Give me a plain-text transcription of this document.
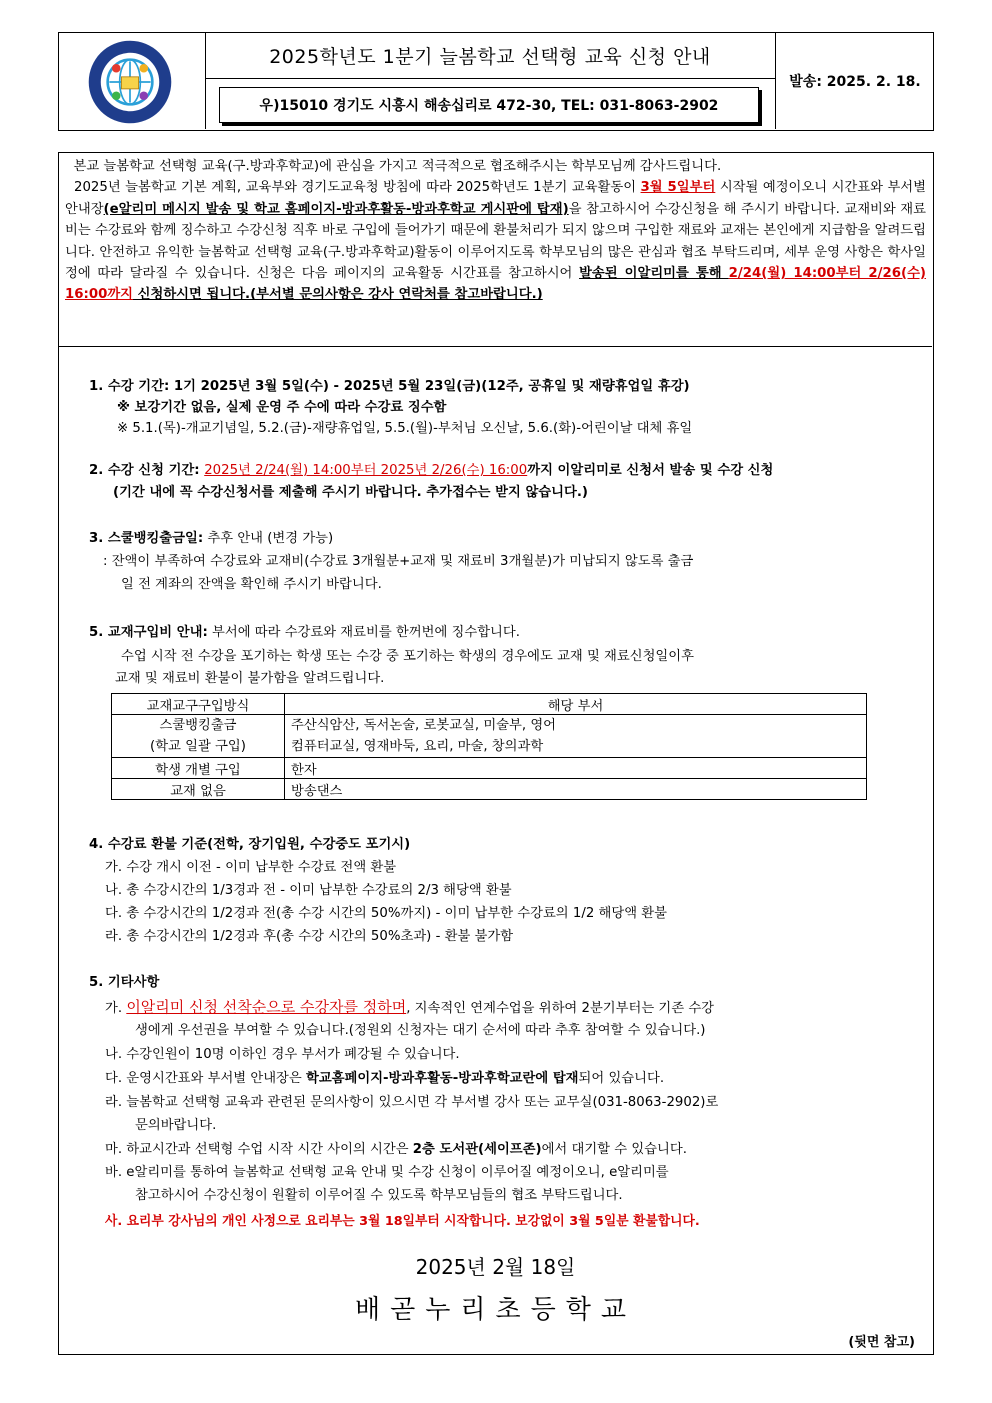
2025학년도 1분기 늘봄학교 선택형 교육 신청 안내
우)15010 경기도 시흥시 해송십리로 472-30, TEL: 031-8063-2902
발송: 2025. 2. 18.
본교 늘봄학교 선택형 교육(구.방과후학교)에 관심을 가지고 적극적으로 협조해주시는 학부모님께 감사드립니다.
2025년 늘봄학교 기본 계획, 교육부와 경기도교육청 방침에 따라 2025학년도 1분기 교육활동이 3월 5일부터 시작될 예정이오니 시간표와 부서별 안내장(e알리미 메시지 발송 및 학교 홈페이지-방과후활동-방과후학교 게시판에 탑재)을 참고하시어 수강신청을 해 주시기 바랍니다. 교재비와 재료비는 수강료와 함께 징수하고 수강신청 직후 바로 구입에 들어가기 때문에 환불처리가 되지 않으며 구입한 재료와 교재는 본인에게 지급함을 알려드립니다. 안전하고 유익한 늘봄학교 선택형 교육(구.방과후학교)활동이 이루어지도록 학부모님의 많은 관심과 협조 부탁드리며, 세부 운영 사항은 학사일정에 따라 달라질 수 있습니다. 신청은 다음 페이지의 교육활동 시간표를 참고하시어 발송된 이알리미를 통해 2/24(월) 14:00부터 2/26(수) 16:00까지 신청하시면 됩니다.(부서별 문의사항은 강사 연락처를 참고바랍니다.)
1. 수강 기간: 1기 2025년 3월 5일(수) - 2025년 5월 23일(금)(12주, 공휴일 및 재량휴업일 휴강)
※ 보강기간 없음, 실제 운영 주 수에 따라 수강료 징수함
※ 5.1.(목)-개교기념일, 5.2.(금)-재량휴업일, 5.5.(월)-부처님 오신날, 5.6.(화)-어린이날 대체 휴일
2. 수강 신청 기간: 2025년 2/24(월) 14:00부터 2025년 2/26(수) 16:00까지 이알리미로 신청서 발송 및 수강 신청
(기간 내에 꼭 수강신청서를 제출해 주시기 바랍니다. 추가접수는 받지 않습니다.)
3. 스쿨뱅킹출금일: 추후 안내 (변경 가능)
: 잔액이 부족하여 수강료와 교재비(수강료 3개월분+교재 및 재료비 3개월분)가 미납되지 않도록 출금
일 전 계좌의 잔액을 확인해 주시기 바랍니다.
5. 교재구입비 안내: 부서에 따라 수강료와 재료비를 한꺼번에 징수합니다.
수업 시작 전 수강을 포기하는 학생 또는 수강 중 포기하는 학생의 경우에도 교재 및 재료신청일이후
교재 및 재료비 환불이 불가함을 알려드립니다.
교재교구구입방식	해당 부서
스쿨뱅킹출금
(학교 일괄 구입)	주산식암산, 독서논술, 로봇교실, 미술부, 영어
컴퓨터교실, 영재바둑, 요리, 마술, 창의과학
학생 개별 구입	한자
교재 없음	방송댄스
4. 수강료 환불 기준(전학, 장기입원, 수강중도 포기시)
가. 수강 개시 이전 - 이미 납부한 수강료 전액 환불
나. 총 수강시간의 1/3경과 전 - 이미 납부한 수강료의 2/3 해당액 환불
다. 총 수강시간의 1/2경과 전(총 수강 시간의 50%까지) - 이미 납부한 수강료의 1/2 해당액 환불
라. 총 수강시간의 1/2경과 후(총 수강 시간의 50%초과) - 환불 불가함
5. 기타사항
가. 이알리미 신청 선착순으로 수강자를 정하며, 지속적인 연계수업을 위하여 2분기부터는 기존 수강
생에게 우선권을 부여할 수 있습니다.(정원외 신청자는 대기 순서에 따라 추후 참여할 수 있습니다.)
나. 수강인원이 10명 이하인 경우 부서가 폐강될 수 있습니다.
다. 운영시간표와 부서별 안내장은 학교홈페이지-방과후활동-방과후학교란에 탑재되어 있습니다.
라. 늘봄학교 선택형 교육과 관련된 문의사항이 있으시면 각 부서별 강사 또는 교무실(031-8063-2902)로
문의바랍니다.
마. 하교시간과 선택형 수업 시작 시간 사이의 시간은 2층 도서관(세이프존)에서 대기할 수 있습니다.
바. e알리미를 통하여 늘봄학교 선택형 교육 안내 및 수강 신청이 이루어질 예정이오니, e알리미를
참고하시어 수강신청이 원활히 이루어질 수 있도록 학부모님들의 협조 부탁드립니다.
사. 요리부 강사님의 개인 사정으로 요리부는 3월 18일부터 시작합니다. 보강없이 3월 5일분 환불합니다.
2025년 2월 18일
배곧누리초등학교
(뒷면 참고)
